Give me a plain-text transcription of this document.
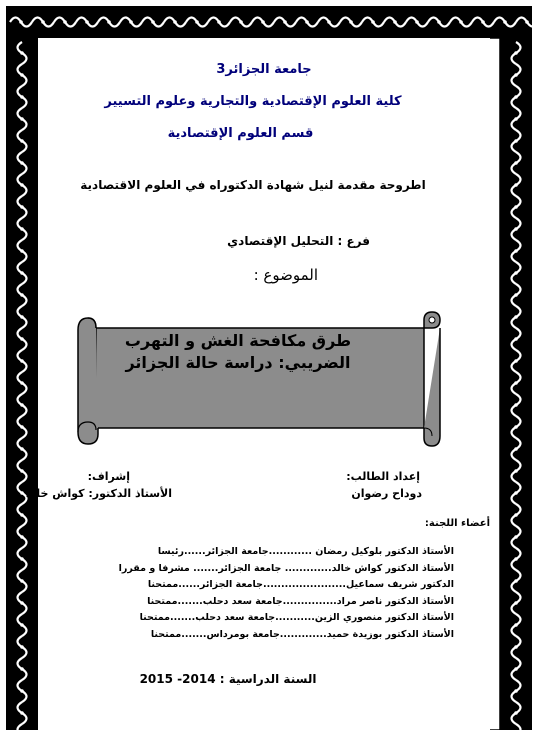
جامعة الجزائر3
كلية العلوم الإقتصادية والتجارية وعلوم التسيير
قسم العلوم الإقتصادية
اطروحة مقدمة لنيل شهادة الدكتوراه في العلوم الاقتصادية
فرع : التحليل الإقتصادي
الموضوع :
طرق مكافحة الغش و التهرب
الضريبي: دراسة حالة الجزائر
إعداد الطالب:
دوداح رضوان
إشراف:
الأستاذ الدكتور: كواش خالد
أعضاء اللجنة:
الأستاذ الدكتور بلوكيل رمضان ............جامعة الجزائر......رئيسا
الأستاذ الدكتور كواش خالد............. جامعة الجزائر....... مشرفا و مقررا
الدكتور شريف سماعيل.......................جامعة الجزائر......ممتحنا
الأستاذ الدكتور ناصر مراد...............جامعة سعد دحلب.......ممتحنا
الأستاذ الدكتور منصوري الزين...........جامعة سعد دحلب.......ممتحنا
الأستاذ الدكتور بوزيدة حميد.............جامعة بومرداس.......ممتحنا
السنة الدراسية : 2014- 2015
